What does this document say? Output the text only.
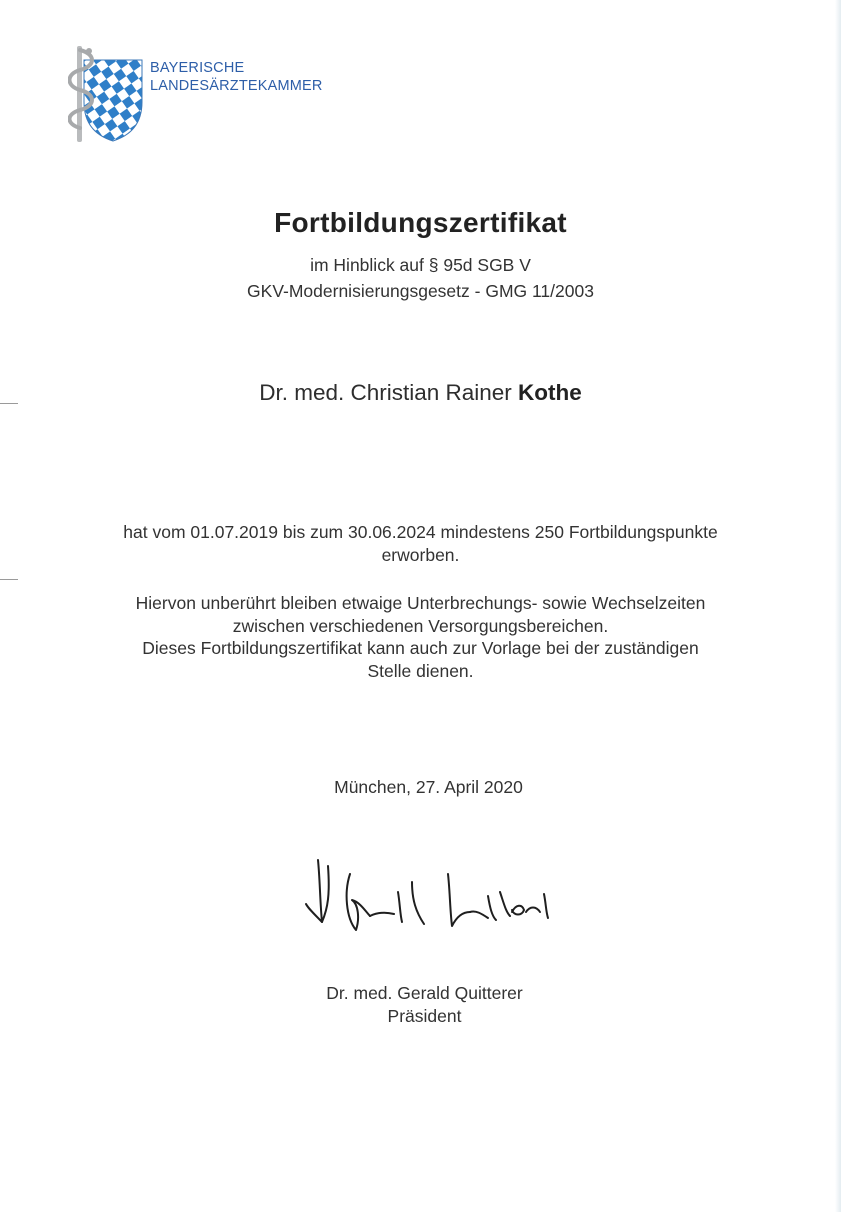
BAYERISCHE
LANDESÄRZTEKAMMER
Fortbildungszertifikat
im Hinblick auf § 95d SGB V
GKV-Modernisierungsgesetz - GMG 11/2003
Dr. med. Christian Rainer Kothe
hat vom 01.07.2019 bis zum 30.06.2024 mindestens 250 Fortbildungspunkte
erworben.
Hiervon unberührt bleiben etwaige Unterbrechungs- sowie Wechselzeiten
zwischen verschiedenen Versorgungsbereichen.
Dieses Fortbildungszertifikat kann auch zur Vorlage bei der zuständigen
Stelle dienen.
München, 27. April 2020
Dr. med. Gerald Quitterer
Präsident
